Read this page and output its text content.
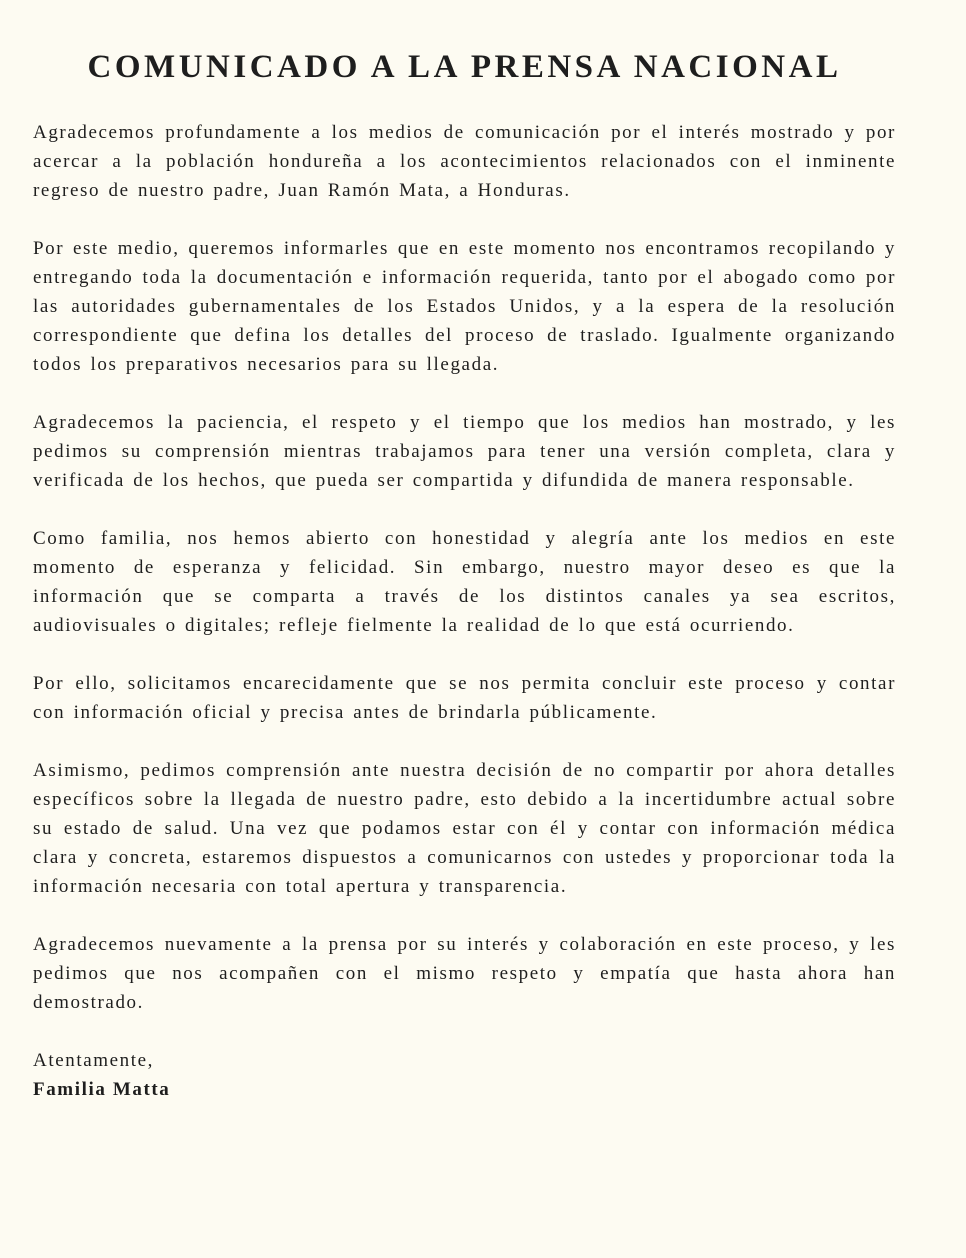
COMUNICADO A LA PRENSA NACIONAL

Agradecemos profundamente a los medios de comunicación por el interés mostrado y por acercar a la población hondureña a los acontecimientos relacionados con el inminente regreso de nuestro padre, Juan Ramón Mata, a Honduras.

Por este medio, queremos informarles que en este momento nos encontramos recopilando y entregando toda la documentación e información requerida, tanto por el abogado como por las autoridades gubernamentales de los Estados Unidos, y a la espera de la resolución correspondiente que defina los detalles del proceso de traslado. Igualmente organizando todos los preparativos necesarios para su llegada.

Agradecemos la paciencia, el respeto y el tiempo que los medios han mostrado, y les pedimos su comprensión mientras trabajamos para tener una versión completa, clara y verificada de los hechos, que pueda ser compartida y difundida de manera responsable.

Como familia, nos hemos abierto con honestidad y alegría ante los medios en este momento de esperanza y felicidad. Sin embargo, nuestro mayor deseo es que la información que se comparta a través de los distintos canales ya sea escritos, audiovisuales o digitales; refleje fielmente la realidad de lo que está ocurriendo.

Por ello, solicitamos encarecidamente que se nos permita concluir este proceso y contar con información oficial y precisa antes de brindarla públicamente.

Asimismo, pedimos comprensión ante nuestra decisión de no compartir por ahora detalles específicos sobre la llegada de nuestro padre, esto debido a la incertidumbre actual sobre su estado de salud. Una vez que podamos estar con él y contar con información médica clara y concreta, estaremos dispuestos a comunicarnos con ustedes y proporcionar toda la información necesaria con total apertura y transparencia.

Agradecemos nuevamente a la prensa por su interés y colaboración en este proceso, y les pedimos que nos acompañen con el mismo respeto y empatía que hasta ahora han demostrado.

Atentamente,

Familia Matta
